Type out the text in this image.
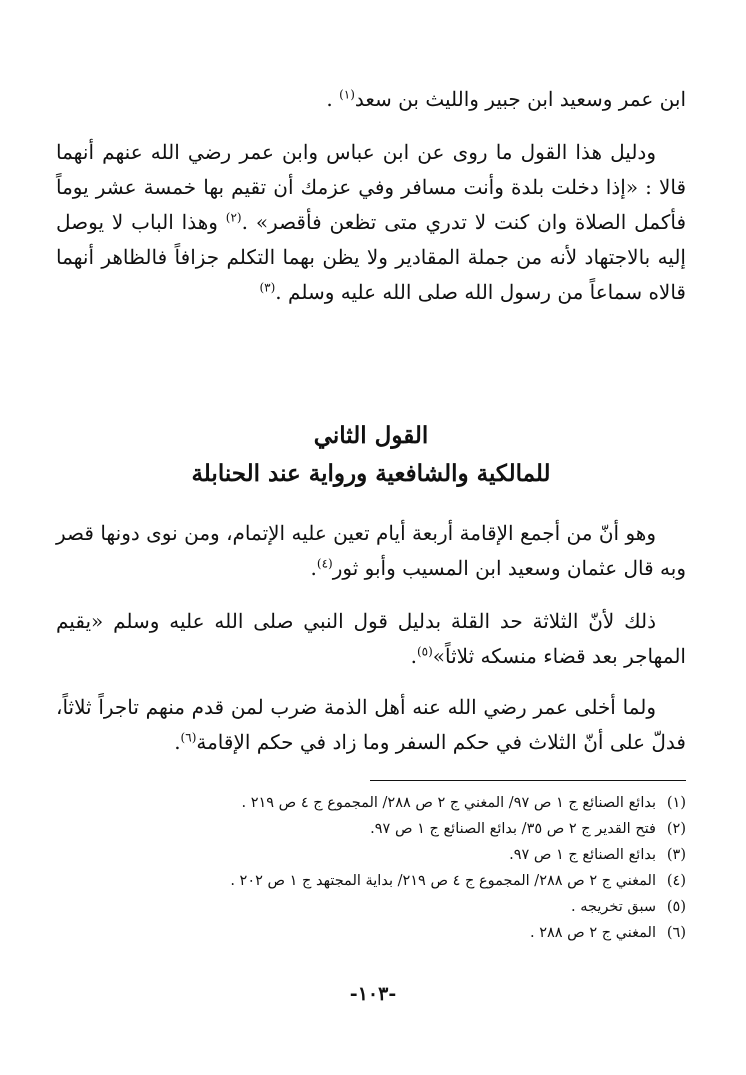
ابن عمر وسعيد ابن جبير والليث بن سعد$^{(١)}$ .

ودليل هذا القول ما روى عن ابن عباس وابن عمر رضي الله عنهم أنهما قالا : «إذا دخلت بلدة وأنت مسافر وفي عزمك أن تقيم بها خمسة عشر يوماً فأكمل الصلاة وان كنت لا تدري متى تظعن فأقصر» .$^{(٢)}$ وهذا الباب لا يوصل إليه بالاجتهاد لأنه من جملة المقادير ولا يظن بهما التكلم جزافاً فالظاهر أنهما قالاه سماعاً من رسول الله صلى الله عليه وسلم .$^{(٣)}$

القول الثاني
للمالكية والشافعية ورواية عند الحنابلة

وهو أنّ من أجمع الإقامة أربعة أيام تعين عليه الإتمام، ومن نوى دونها قصر وبه قال عثمان وسعيد ابن المسيب وأبو ثور$^{(٤)}$.

ذلك لأنّ الثلاثة حد القلة بدليل قول النبي صلى الله عليه وسلم «يقيم المهاجر بعد قضاء منسكه ثلاثاً»$^{(٥)}$.

ولما أخلى عمر رضي الله عنه أهل الذمة ضرب لمن قدم منهم تاجراً ثلاثاً، فدلّ على أنّ الثلاث في حكم السفر وما زاد في حكم الإقامة$^{(٦)}$.

(١)بدائع الصنائع ج ١ ص ٩٧/ المغني ج ٢ ص ٢٨٨/ المجموع ج ٤ ص ٢١٩ .
(٢)فتح القدير ج ٢ ص ٣٥/ بدائع الصنائع ج ١ ص ٩٧.
(٣)بدائع الصنائع ج ١ ص ٩٧.
(٤)المغني ج ٢ ص ٢٨٨/ المجموع ج ٤ ص ٢١٩/ بداية المجتهد ج ١ ص ٢٠٢ .
(٥)سبق تخريجه .
(٦)المغني ج ٢ ص ٢٨٨ .
-١٠٣-
